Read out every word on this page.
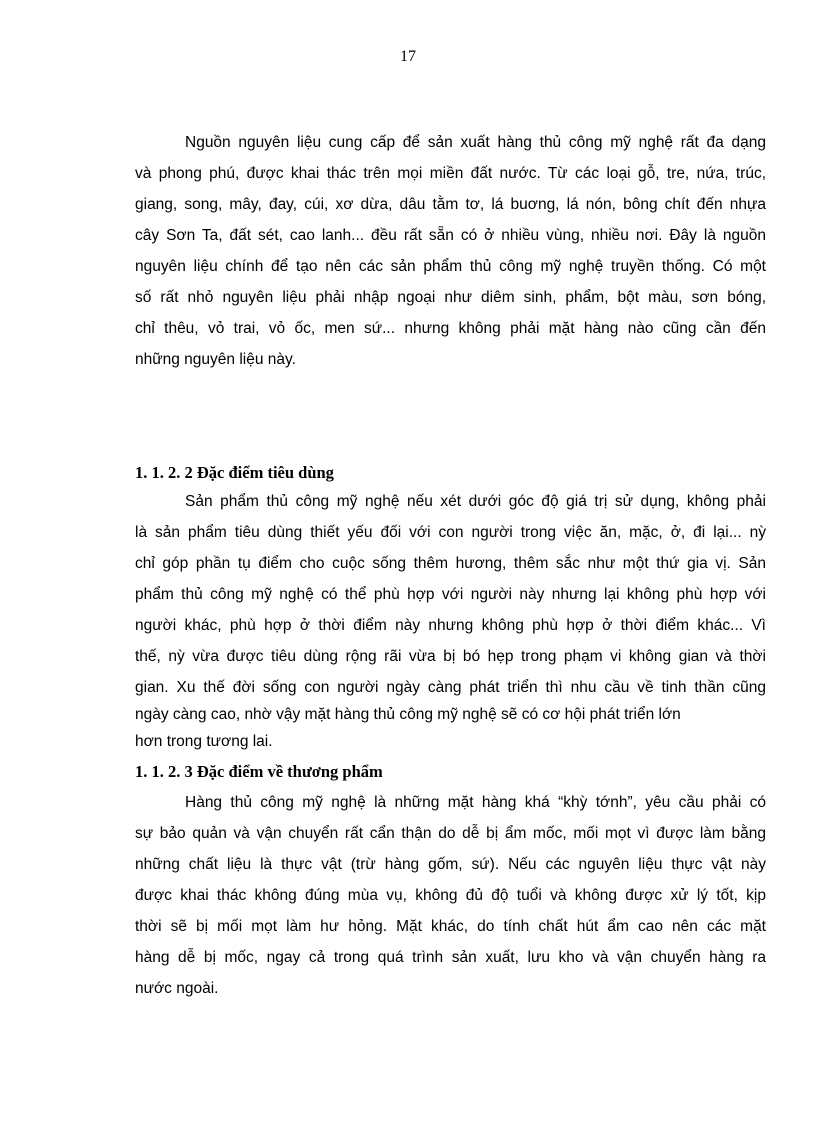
17
Nguồn nguyên liệu cung cấp để sản xuất hàng thủ công mỹ nghệ rất đa dạng
và phong phú, được khai thác trên mọi miền đất nước. Từ các loại gỗ, tre, nứa, trúc,
giang, song, mây, đay, cúi, xơ dừa, dâu tằm tơ, lá buơng, lá nón, bông chít đến nhựa
cây Sơn Ta, đất sét, cao lanh... đều rất sẵn có ở nhiều vùng, nhiều nơi. Đây là nguồn
nguyên liệu chính để tạo nên các sản phẩm thủ công mỹ nghệ truyền thống. Có một
số rất nhỏ nguyên liệu phải nhập ngoại như diêm sinh, phẩm, bột màu, sơn bóng,
chỉ thêu, vỏ trai, vỏ ốc, men sứ... nhưng không phải mặt hàng nào cũng cần đến
những nguyên liệu này.
1. 1. 2. 2 Đặc điểm tiêu dùng
Sản phẩm thủ công mỹ nghệ nếu xét dưới góc độ giá trị sử dụng, không phải
là sản phẩm tiêu dùng thiết yếu đối với con người trong việc ăn, mặc, ở, đi lại... nỳ
chỉ góp phần tụ điểm cho cuộc sống thêm hương, thêm sắc như một thứ gia vị. Sản
phẩm thủ công mỹ nghệ có thể phù hợp với người này nhưng lại không phù hợp với
người khác, phù hợp ở thời điểm này nhưng không phù hợp ở thời điểm khác... Vì
thế, nỳ vừa được tiêu dùng rộng rãi vừa bị bó hẹp trong phạm vi không gian và thời
gian. Xu thế đời sống con người ngày càng phát triển thì nhu cầu về tinh thần cũng
ngày càng cao, nhờ vậy mặt hàng thủ công mỹ nghệ sẽ có cơ hội phát triển lớn
hơn trong tương lai.
1. 1. 2. 3 Đặc điểm về thương phẩm
Hàng thủ công mỹ nghệ là những mặt hàng khá “khỳ tớnh”, yêu cầu phải có
sự bảo quản và vận chuyển rất cẩn thận do dễ bị ẩm mốc, mối mọt vì được làm bằng
những chất liệu là thực vật (trừ hàng gốm, sứ). Nếu các nguyên liệu thực vật này
được khai thác không đúng mùa vụ, không đủ độ tuổi và không được xử lý tốt, kịp
thời sẽ bị mối mọt làm hư hỏng. Mặt khác, do tính chất hút ẩm cao nên các mặt
hàng dễ bị mốc, ngay cả trong quá trình sản xuất, lưu kho và vận chuyển hàng ra
nước ngoài.
